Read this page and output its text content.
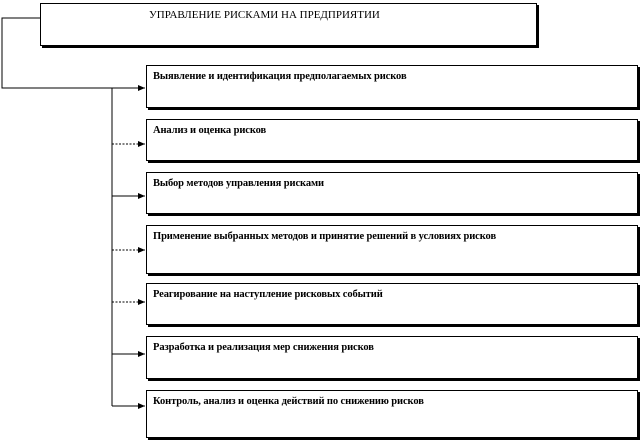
УПРАВЛЕНИЕ РИСКАМИ НА ПРЕДПРИЯТИИ
Выявление и идентификация предполагаемых рисков
Анализ и оценка рисков
Выбор методов управления рисками
Применение выбранных методов и принятие решений в условиях рисков
Реагирование на наступление рисковых событий
Разработка и реализация мер снижения рисков
Контроль, анализ и оценка действий по снижению рисков
